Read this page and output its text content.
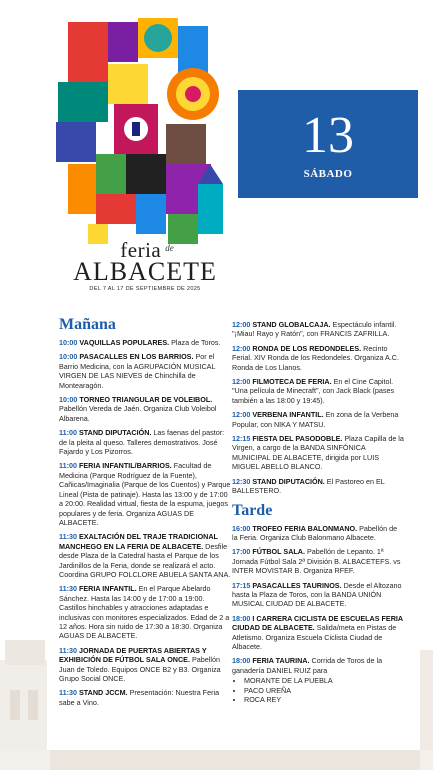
feria $^{de}$
ALBACETE
DEL 7 AL 17 DE SEPTIEMBRE DE 2025
13
SÁBADO
Mañana
10:00 VAQUILLAS POPULARES. Plaza de Toros.
10:00 PASACALLES EN LOS BARRIOS. Por el Barrio Medicina, con la AGRUPACIÓN MUSICAL VIRGEN DE LAS NIEVES de Chinchilla de Montearagón.
10:00 TORNEO TRIANGULAR DE VOLEIBOL. Pabellón Vereda de Jaén. Organiza Club Voleibol Albarena.
11:00 STAND DIPUTACIÓN. Las faenas del pastor: de la pleita al queso. Talleres demostrativos. José Fajardo y Los Pizorros.
11:00 FERIA INFANTIL/BARRIOS. Facultad de Medicina (Parque Rodríguez de la Fuente), Cañicas/Imaginalia (Parque de los Cuentos) y Parque Lineal (Pista de patinaje). Hasta las 13:00 y de 17:00 a 20:00. Realidad virtual, fiesta de la espuma, juegos populares y de feria. Organiza AGUAS DE ALBACETE.
11:30 EXALTACIÓN DEL TRAJE TRADICIONAL MANCHEGO EN LA FERIA DE ALBACETE. Desfile desde Plaza de la Catedral hasta el Parque de los Jardinillos de la Feria, donde se realizará el acto. Coordina GRUPO FOLCLORE ABUELA SANTA ANA.
11:30 FERIA INFANTIL. En el Parque Abelardo Sánchez. Hasta las 14:00 y de 17:00 a 19:00. Castillos hinchables y atracciones adaptadas e inclusivas con monitores especializados. Edad de 2 a 12 años. Hora sin ruido de 17:30 a 18:30. Organiza AGUAS DE ALBACETE.
11:30 JORNADA DE PUERTAS ABIERTAS Y EXHIBICIÓN DE FÚTBOL SALA ONCE. Pabellón Juan de Toledo. Equipos ONCE B2 y B3. Organiza Grupo Social ONCE.
11:30 STAND JCCM. Presentación: Nuestra Feria sabe a Vino.
12:00 STAND GLOBALCAJA. Espectáculo infantil. "¡Miau! Rayo y Ratón", con FRANCIS ZAFRILLA.
12:00 RONDA DE LOS REDONDELES. Recinto Ferial. XIV Ronda de los Redondeles. Organiza A.C. Ronda de Los Llanos.
12:00 FILMOTECA DE FERIA. En el Cine Capitol. "Una película de Minecraft", con Jack Black (pases también a las 18:00 y 19:45).
12:00 VERBENA INFANTIL. En zona de la Verbena Popular, con NIKA Y MATSU.
12:15 FIESTA DEL PASODOBLE. Plaza Capilla de la Virgen, a cargo de la BANDA SINFÓNICA MUNICIPAL DE ALBACETE, dirigida por LUIS MIGUEL ABELLO BLANCO.
12:30 STAND DIPUTACIÓN. El Pastoreo en EL BALLESTERO.
Tarde
16:00 TROFEO FERIA BALONMANO. Pabellón de la Feria. Organiza Club Balonmano Albacete.
17:00 FÚTBOL SALA. Pabellón de Lepanto. 1ª Jornada Fútbol Sala 2ª División B. ALBACETEFS. vs INTER MOVISTAR B. Organiza RFEF.
17:15 PASACALLES TAURINOS. Desde el Altozano hasta la Plaza de Toros, con la BANDA UNIÓN MUSICAL CIUDAD DE ALBACETE.
18:00 I CARRERA CICLISTA DE ESCUELAS FERIA CIUDAD DE ALBACETE. Salida/meta en Pistas de Atletismo. Organiza Escuela Ciclista Ciudad de Albacete.
18:00 FERIA TAURINA. Corrida de Toros de la ganadería DANIEL RUIZ para
• MORANTE DE LA PUEBLA
• PACO UREÑA
• ROCA REY
